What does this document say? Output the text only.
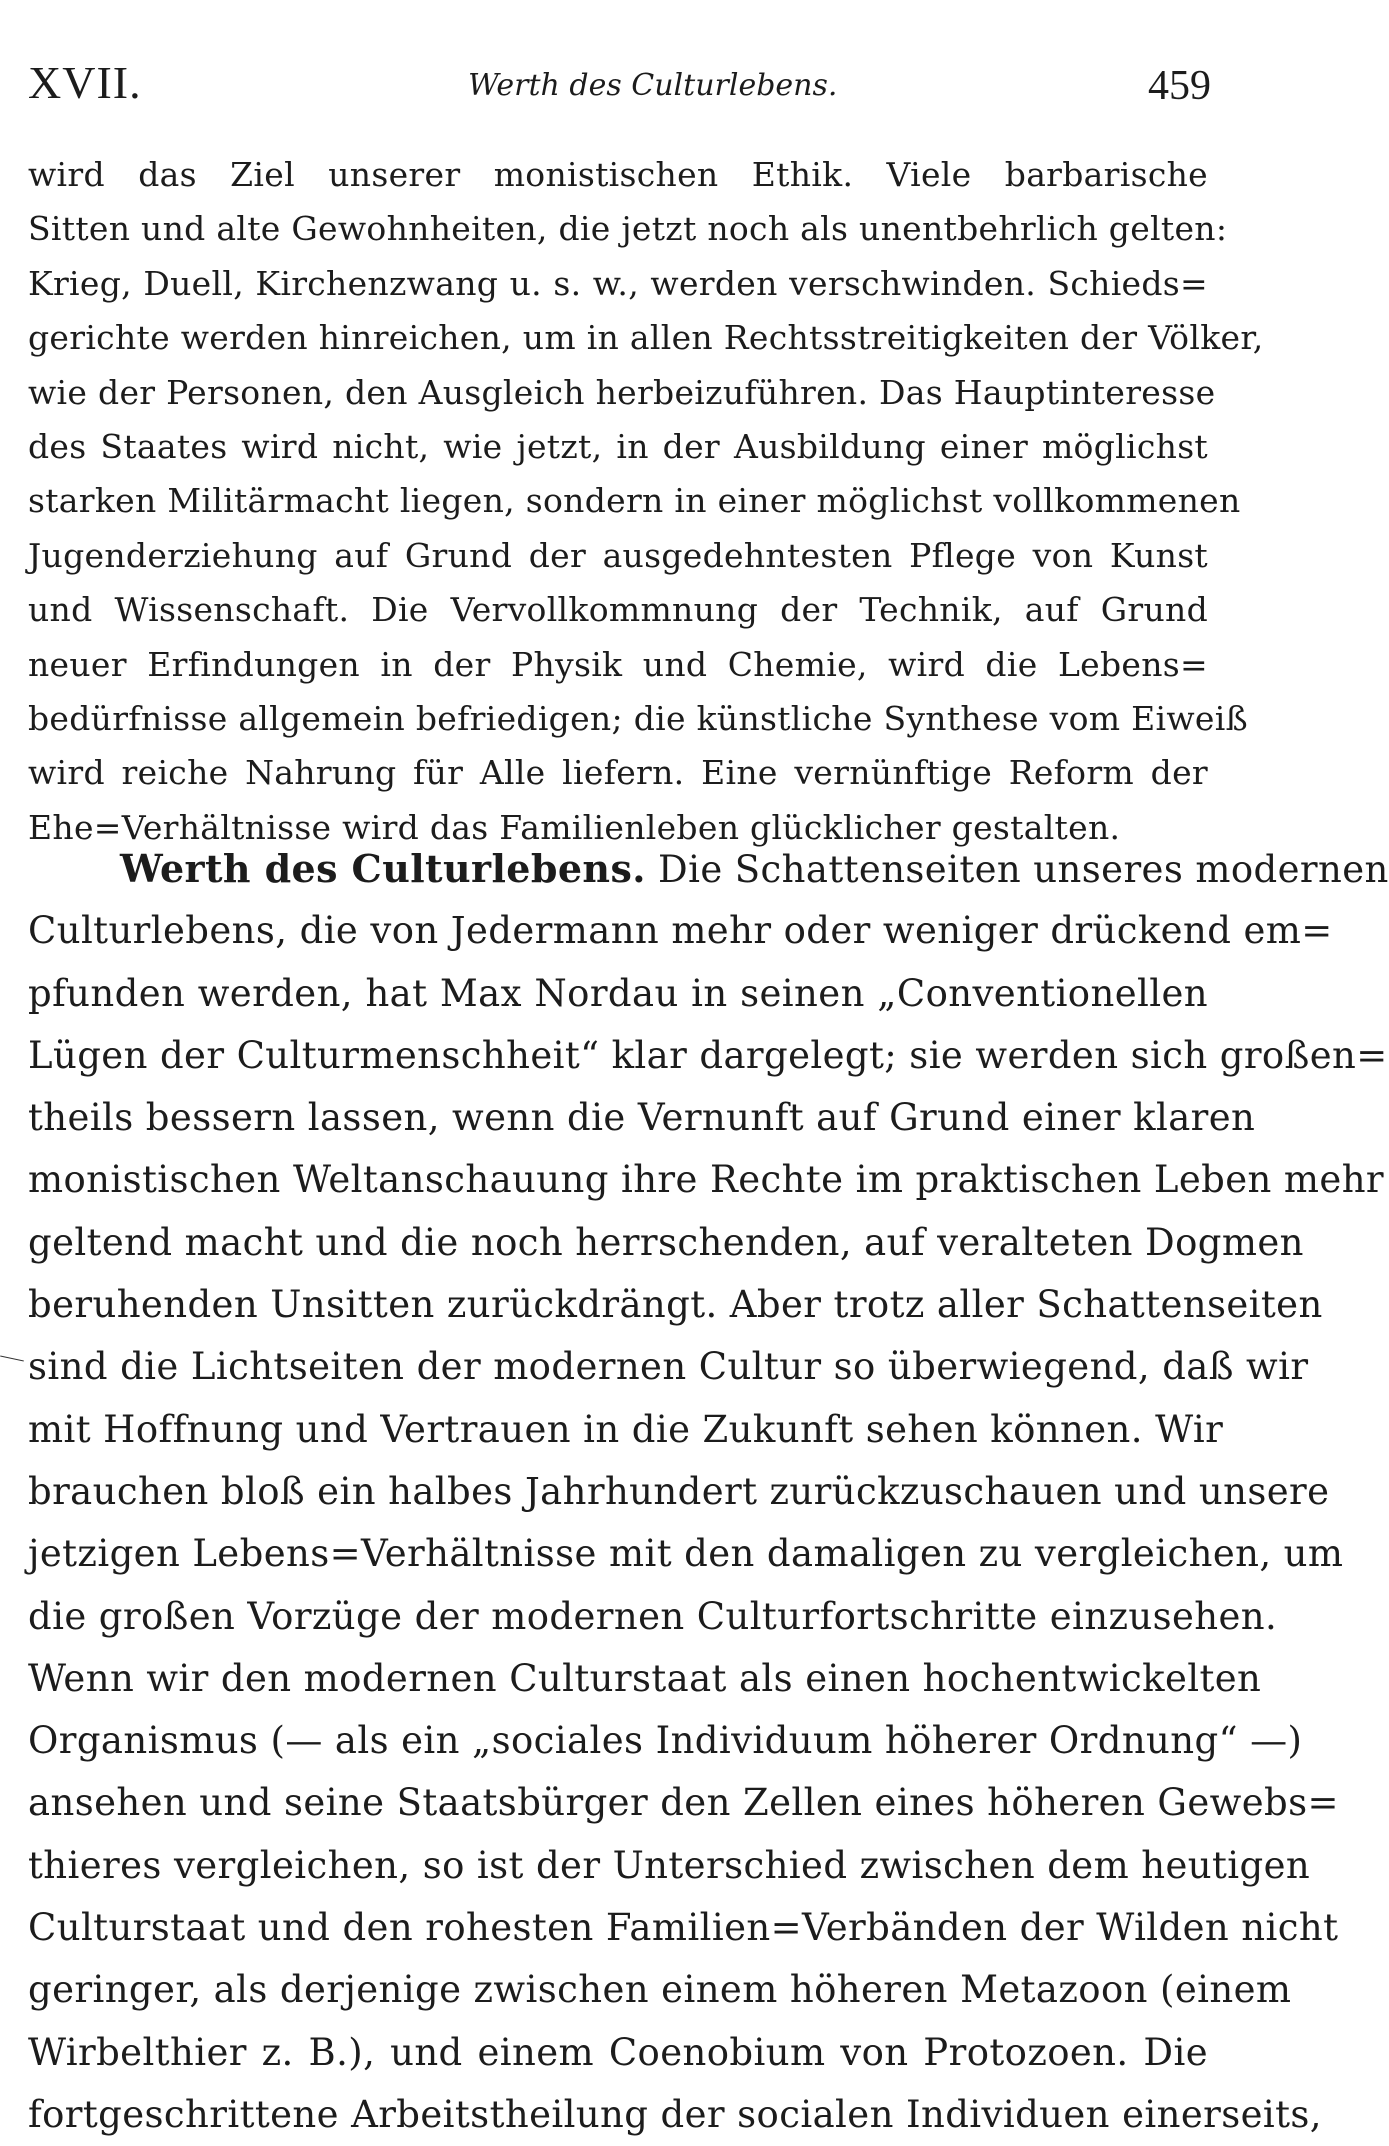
XVII.	Werth des Culturlebens.	459
wird das Ziel unserer monistischen Ethik. Viele barbarische
Sitten und alte Gewohnheiten, die jetzt noch als unentbehrlich gelten:
Krieg, Duell, Kirchenzwang u. s. w., werden verschwinden. Schieds=
gerichte werden hinreichen, um in allen Rechtsstreitigkeiten der Völker,
wie der Personen, den Ausgleich herbeizuführen. Das Hauptinteresse
des Staates wird nicht, wie jetzt, in der Ausbildung einer möglichst
starken Militärmacht liegen, sondern in einer möglichst vollkommenen
Jugenderziehung auf Grund der ausgedehntesten Pflege von Kunst
und Wissenschaft. Die Vervollkommnung der Technik, auf Grund
neuer Erfindungen in der Physik und Chemie, wird die Lebens=
bedürfnisse allgemein befriedigen; die künstliche Synthese vom Eiweiß
wird reiche Nahrung für Alle liefern. Eine vernünftige Reform der
Ehe=Verhältnisse wird das Familienleben glücklicher gestalten.
Werth des Culturlebens. Die Schattenseiten unseres modernen
Culturlebens, die von Jedermann mehr oder weniger drückend em=
pfunden werden, hat Max Nordau in seinen „Conventionellen
Lügen der Culturmenschheit“ klar dargelegt; sie werden sich großen=
theils bessern lassen, wenn die Vernunft auf Grund einer klaren
monistischen Weltanschauung ihre Rechte im praktischen Leben mehr
geltend macht und die noch herrschenden, auf veralteten Dogmen
beruhenden Unsitten zurückdrängt. Aber trotz aller Schattenseiten
sind die Lichtseiten der modernen Cultur so überwiegend, daß wir
mit Hoffnung und Vertrauen in die Zukunft sehen können. Wir
brauchen bloß ein halbes Jahrhundert zurückzuschauen und unsere
jetzigen Lebens=Verhältnisse mit den damaligen zu vergleichen, um
die großen Vorzüge der modernen Culturfortschritte einzusehen.
Wenn wir den modernen Culturstaat als einen hochentwickelten
Organismus (— als ein „sociales Individuum höherer Ordnung“ —)
ansehen und seine Staatsbürger den Zellen eines höheren Gewebs=
thieres vergleichen, so ist der Unterschied zwischen dem heutigen
Culturstaat und den rohesten Familien=Verbänden der Wilden nicht
geringer, als derjenige zwischen einem höheren Metazoon (einem
Wirbelthier z. B.), und einem Coenobium von Protozoen. Die
fortgeschrittene Arbeitstheilung der socialen Individuen einerseits,
